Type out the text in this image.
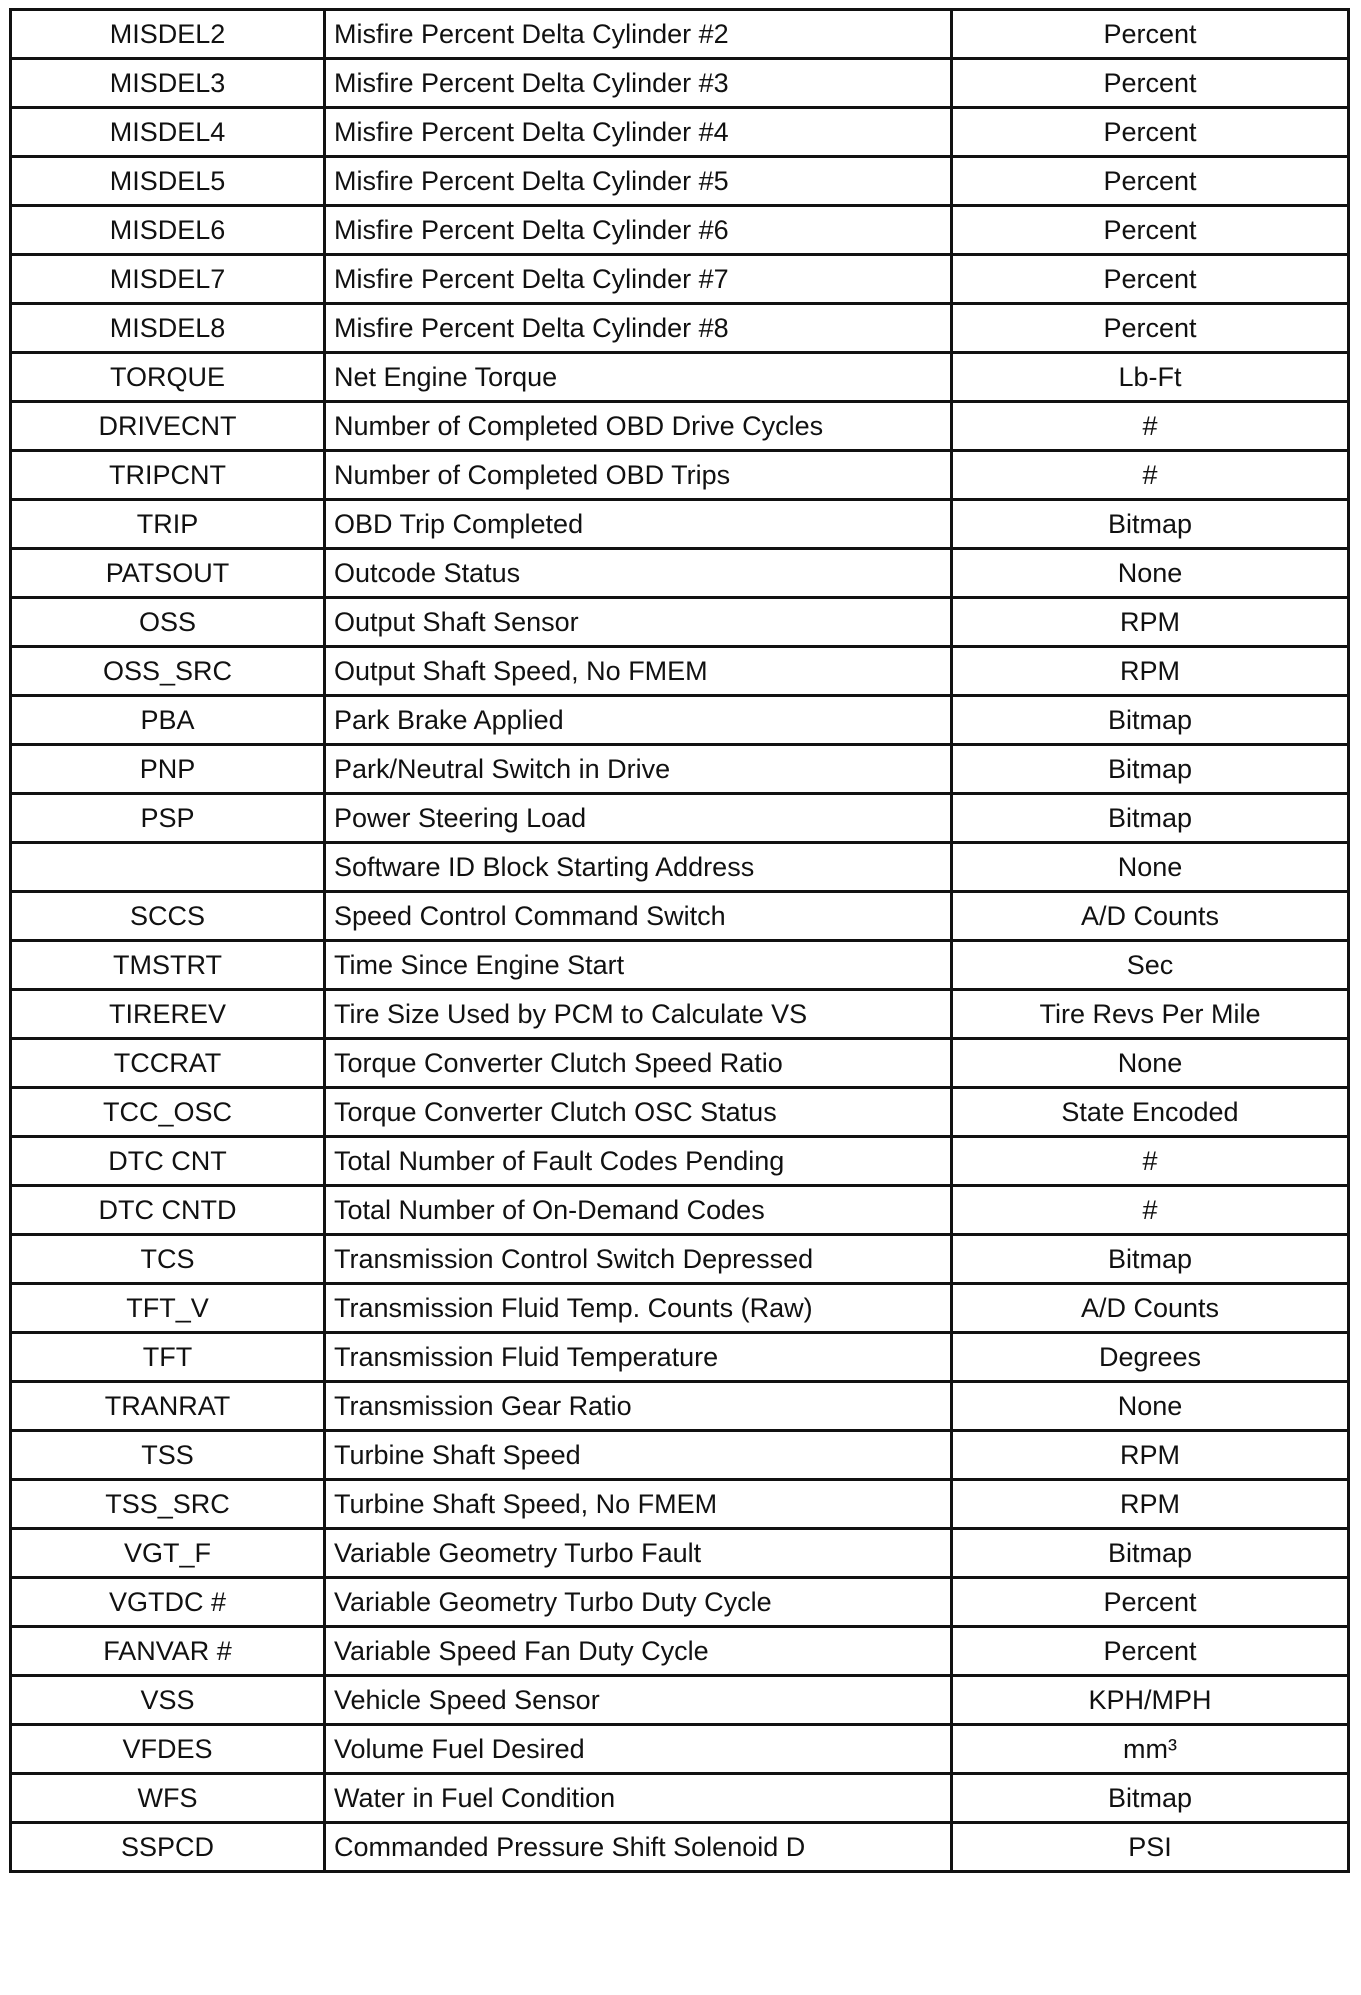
MISDEL2	Misfire Percent Delta Cylinder #2	Percent
MISDEL3	Misfire Percent Delta Cylinder #3	Percent
MISDEL4	Misfire Percent Delta Cylinder #4	Percent
MISDEL5	Misfire Percent Delta Cylinder #5	Percent
MISDEL6	Misfire Percent Delta Cylinder #6	Percent
MISDEL7	Misfire Percent Delta Cylinder #7	Percent
MISDEL8	Misfire Percent Delta Cylinder #8	Percent
TORQUE	Net Engine Torque	Lb-Ft
DRIVECNT	Number of Completed OBD Drive Cycles	#
TRIPCNT	Number of Completed OBD Trips	#
TRIP	OBD Trip Completed	Bitmap
PATSOUT	Outcode Status	None
OSS	Output Shaft Sensor	RPM
OSS_SRC	Output Shaft Speed, No FMEM	RPM
PBA	Park Brake Applied	Bitmap
PNP	Park/Neutral Switch in Drive	Bitmap
PSP	Power Steering Load	Bitmap
	Software ID Block Starting Address	None
SCCS	Speed Control Command Switch	A/D Counts
TMSTRT	Time Since Engine Start	Sec
TIREREV	Tire Size Used by PCM to Calculate VS	Tire Revs Per Mile
TCCRAT	Torque Converter Clutch Speed Ratio	None
TCC_OSC	Torque Converter Clutch OSC Status	State Encoded
DTC CNT	Total Number of Fault Codes Pending	#
DTC CNTD	Total Number of On-Demand Codes	#
TCS	Transmission Control Switch Depressed	Bitmap
TFT_V	Transmission Fluid Temp. Counts (Raw)	A/D Counts
TFT	Transmission Fluid Temperature	Degrees
TRANRAT	Transmission Gear Ratio	None
TSS	Turbine Shaft Speed	RPM
TSS_SRC	Turbine Shaft Speed, No FMEM	RPM
VGT_F	Variable Geometry Turbo Fault	Bitmap
VGTDC #	Variable Geometry Turbo Duty Cycle	Percent
FANVAR #	Variable Speed Fan Duty Cycle	Percent
VSS	Vehicle Speed Sensor	KPH/MPH
VFDES	Volume Fuel Desired	mm³
WFS	Water in Fuel Condition	Bitmap
SSPCD	Commanded Pressure Shift Solenoid D	PSI
